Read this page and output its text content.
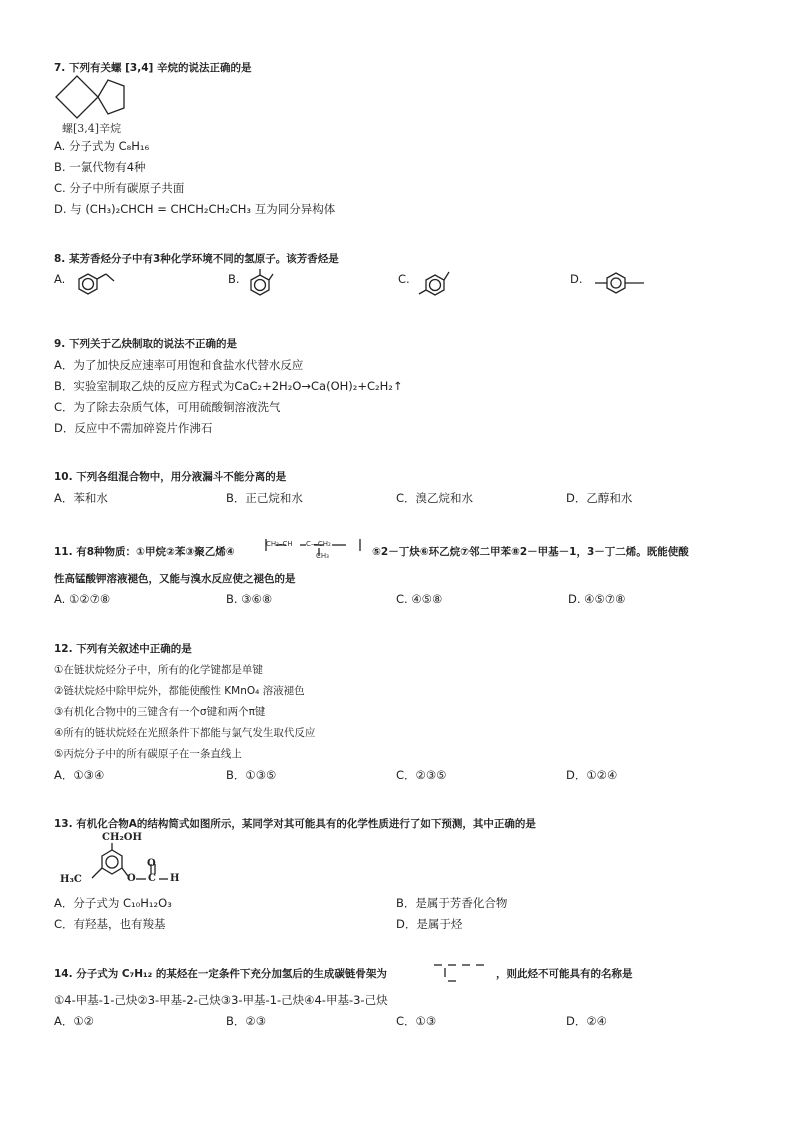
7. 下列有关螺 [3,4] 辛烷的说法正确的是
螺[3,4]辛烷
A. 分子式为 C₈H₁₆
B. 一氯代物有4种
C. 分子中所有碳原子共面
D. 与 (CH₃)₂CHCH = CHCH₂CH₂CH₃ 互为同分异构体
8. 某芳香烃分子中有3种化学环境不同的氢原子。该芳香烃是
A.	B.	C.	D.
9. 下列关于乙炔制取的说法不正确的是
A．为了加快反应速率可用饱和食盐水代替水反应
B．实验室制取乙炔的反应方程式为CaC₂+2H₂O→Ca(OH)₂+C₂H₂↑
C．为了除去杂质气体，可用硫酸铜溶液洗气
D．反应中不需加碎瓷片作沸石
10. 下列各组混合物中，用分液漏斗不能分离的是
A．苯和水	B．正己烷和水	C．溴乙烷和水	D．乙醇和水
11. 有8种物质：①甲烷②苯③聚乙烯④
CH₂–CH      C—CH₂
CH₃	⑤2－丁炔⑥环乙烷⑦邻二甲苯⑧2－甲基－1，3－丁二烯。既能使酸
性高锰酸钾溶液褪色，又能与溴水反应使之褪色的是
A. ①②⑦⑧	B. ③⑥⑧	C. ④⑤⑧	D. ④⑤⑦⑧
12. 下列有关叙述中正确的是
①在链状烷烃分子中，所有的化学键都是单键
②链状烷烃中除甲烷外，都能使酸性 KMnO₄ 溶液褪色
③有机化合物中的三键含有一个σ键和两个π键
④所有的链状烷烃在光照条件下都能与氯气发生取代反应
⑤丙烷分子中的所有碳原子在一条直线上
A．①③④	B．①③⑤	C．②③⑤	D．①②④
13. 有机化合物A的结构简式如图所示，某同学对其可能具有的化学性质进行了如下预测，其中正确的是
CH₂OH
H₃C
O
O C H
A．分子式为 C₁₀H₁₂O₃	B．是属于芳香化合物
C．有羟基，也有羧基	D．是属于烃
14. 分子式为 C₇H₁₂ 的某烃在一定条件下充分加氢后的生成碳链骨架为	，则此烃不可能具有的名称是
①4-甲基-1-己炔②3-甲基-2-己炔③3-甲基-1-己炔④4-甲基-3-己炔
A．①②	B．②③	C．①③	D．②④
